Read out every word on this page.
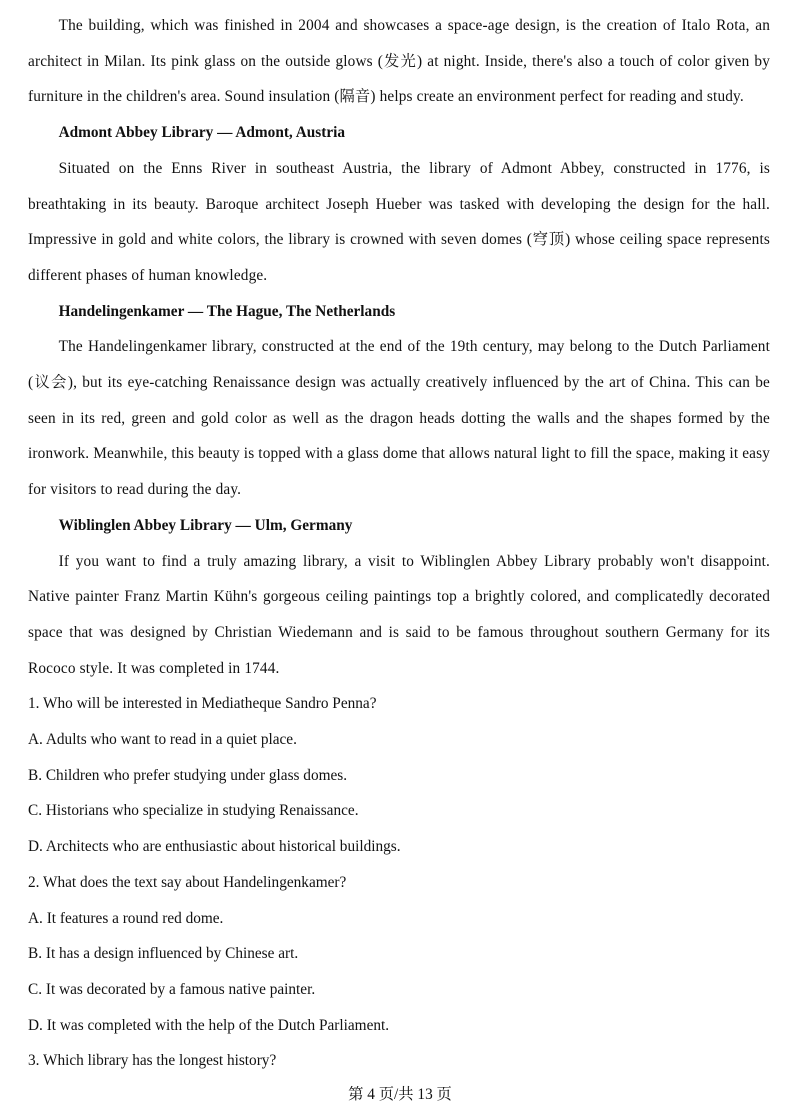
The building, which was finished in 2004 and showcases a space-age design, is the creation of Italo Rota, an architect in Milan. Its pink glass on the outside glows (发光) at night. Inside, there's also a touch of color given by furniture in the children's area. Sound insulation (隔音) helps create an environment perfect for reading and study.

Admont Abbey Library — Admont, Austria

Situated on the Enns River in southeast Austria, the library of Admont Abbey, constructed in 1776, is breathtaking in its beauty. Baroque architect Joseph Hueber was tasked with developing the design for the hall. Impressive in gold and white colors, the library is crowned with seven domes (穹顶) whose ceiling space represents different phases of human knowledge.

Handelingenkamer — The Hague, The Netherlands

The Handelingenkamer library, constructed at the end of the 19th century, may belong to the Dutch Parliament (议会), but its eye-catching Renaissance design was actually creatively influenced by the art of China. This can be seen in its red, green and gold color as well as the dragon heads dotting the walls and the shapes formed by the ironwork. Meanwhile, this beauty is topped with a glass dome that allows natural light to fill the space, making it easy for visitors to read during the day.

Wiblinglen Abbey Library — Ulm, Germany

If you want to find a truly amazing library, a visit to Wiblinglen Abbey Library probably won't disappoint. Native painter Franz Martin Kühn's gorgeous ceiling paintings top a brightly colored, and complicatedly decorated space that was designed by Christian Wiedemann and is said to be famous throughout southern Germany for its Rococo style. It was completed in 1744.

1. Who will be interested in Mediatheque Sandro Penna?

A. Adults who want to read in a quiet place.

B. Children who prefer studying under glass domes.

C. Historians who specialize in studying Renaissance.

D. Architects who are enthusiastic about historical buildings.

2. What does the text say about Handelingenkamer?

A. It features a round red dome.

B. It has a design influenced by Chinese art.

C. It was decorated by a famous native painter.

D. It was completed with the help of the Dutch Parliament.

3. Which library has the longest history?

第 4 页/共 13 页
